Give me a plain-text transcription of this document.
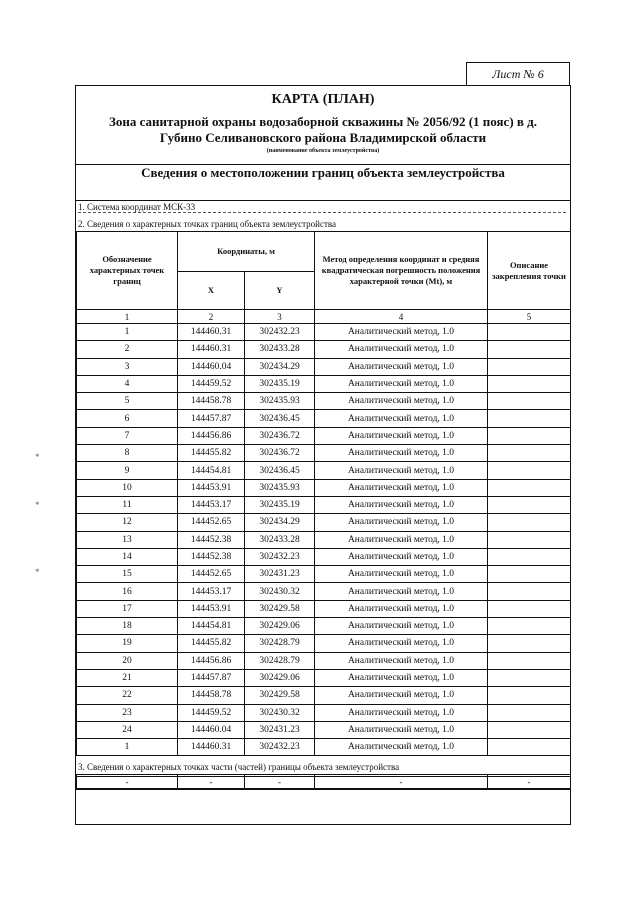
Лист № 6
КАРТА (ПЛАН)
Зона санитарной охраны водозаборной скважины № 2056/92 (1 пояс) в д.
Губино Селивановского района Владимирской области
(наименование объекта землеустройства)
Сведения о местоположении границ объекта землеустройства
1. Система координат МСК-33
2. Сведения о характерных точках границ объекта землеустройства
Обозначение характерных точек границ	Координаты, м		Метод определения координат и средняя квадратическая погрешность положения характерной точки (Mt), м	Описание закрепления точки
	X	Y		
1	2	3	4	5
1	144460.31	302432.23	Аналитический метод, 1.0	
2	144460.31	302433.28	Аналитический метод, 1.0	
3	144460.04	302434.29	Аналитический метод, 1.0	
4	144459.52	302435.19	Аналитический метод, 1.0	
5	144458.78	302435.93	Аналитический метод, 1.0	
6	144457.87	302436.45	Аналитический метод, 1.0	
7	144456.86	302436.72	Аналитический метод, 1.0	
8	144455.82	302436.72	Аналитический метод, 1.0	
9	144454.81	302436.45	Аналитический метод, 1.0	
10	144453.91	302435.93	Аналитический метод, 1.0	
11	144453.17	302435.19	Аналитический метод, 1.0	
12	144452.65	302434.29	Аналитический метод, 1.0	
13	144452.38	302433.28	Аналитический метод, 1.0	
14	144452.38	302432.23	Аналитический метод, 1.0	
15	144452.65	302431.23	Аналитический метод, 1.0	
16	144453.17	302430.32	Аналитический метод, 1.0	
17	144453.91	302429.58	Аналитический метод, 1.0	
18	144454.81	302429.06	Аналитический метод, 1.0	
19	144455.82	302428.79	Аналитический метод, 1.0	
20	144456.86	302428.79	Аналитический метод, 1.0	
21	144457.87	302429.06	Аналитический метод, 1.0	
22	144458.78	302429.58	Аналитический метод, 1.0	
23	144459.52	302430.32	Аналитический метод, 1.0	
24	144460.04	302431.23	Аналитический метод, 1.0	
1	144460.31	302432.23	Аналитический метод, 1.0	
3. Сведения о характерных точках части (частей) границы объекта землеустройства
-	-	-	-	-
*
*
*
